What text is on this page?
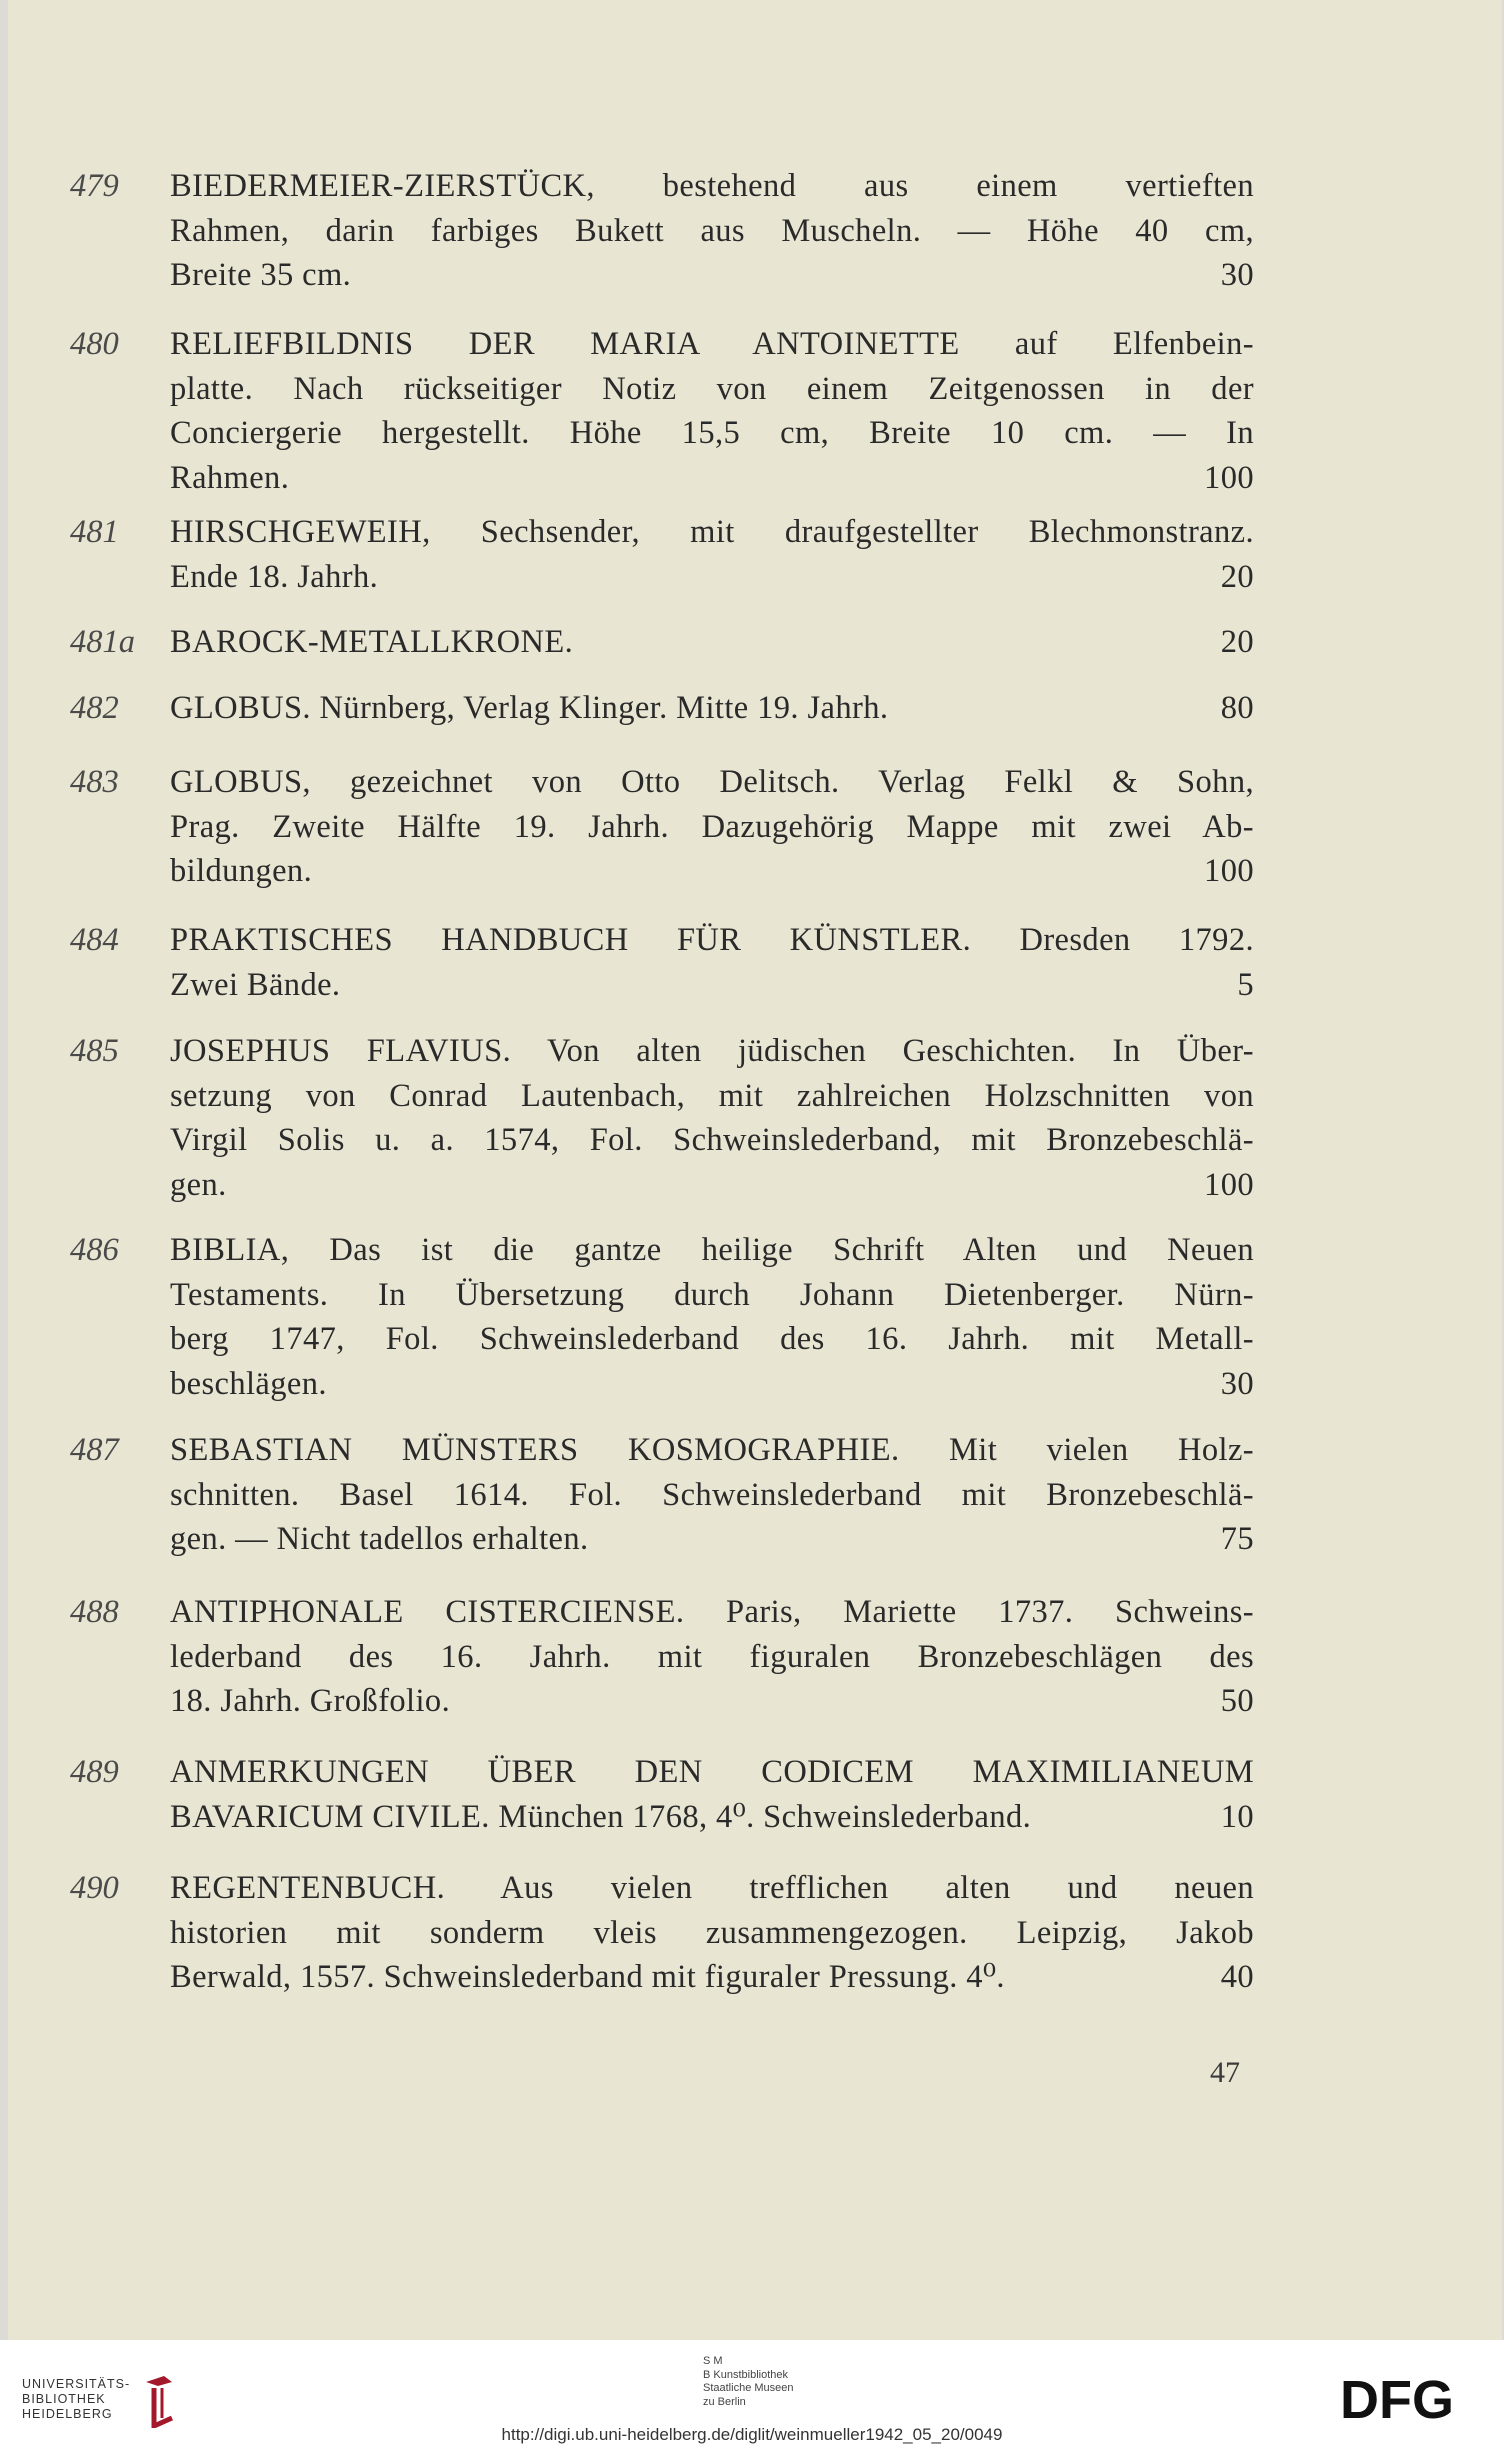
479	BIEDERMEIER-ZIERSTÜCK, bestehend aus einem vertieften
Rahmen, darin farbiges Bukett aus Muscheln. — Höhe 40 cm,
Breite 35 cm.	30
480	RELIEFBILDNIS DER MARIA ANTOINETTE auf Elfenbein-
platte. Nach rückseitiger Notiz von einem Zeitgenossen in der
Conciergerie hergestellt. Höhe 15,5 cm, Breite 10 cm. — In
Rahmen.	100
481	HIRSCHGEWEIH, Sechsender, mit draufgestellter Blechmonstranz.
Ende 18. Jahrh.	20
481a	BAROCK-METALLKRONE.	20
482	GLOBUS. Nürnberg, Verlag Klinger. Mitte 19. Jahrh.	80
483	GLOBUS, gezeichnet von Otto Delitsch. Verlag Felkl & Sohn,
Prag. Zweite Hälfte 19. Jahrh. Dazugehörig Mappe mit zwei Ab-
bildungen.	100
484	PRAKTISCHES HANDBUCH FÜR KÜNSTLER. Dresden 1792.
Zwei Bände.	5
485	JOSEPHUS FLAVIUS. Von alten jüdischen Geschichten. In Über-
setzung von Conrad Lautenbach, mit zahlreichen Holzschnitten von
Virgil Solis u. a. 1574, Fol. Schweinslederband, mit Bronzebeschlä-
gen.	100
486	BIBLIA, Das ist die gantze heilige Schrift Alten und Neuen
Testaments. In Übersetzung durch Johann Dietenberger. Nürn-
berg 1747, Fol. Schweinslederband des 16. Jahrh. mit Metall-
beschlägen.	30
487	SEBASTIAN MÜNSTERS KOSMOGRAPHIE. Mit vielen Holz-
schnitten. Basel 1614. Fol. Schweinslederband mit Bronzebeschlä-
gen. — Nicht tadellos erhalten.	75
488	ANTIPHONALE CISTERCIENSE. Paris, Mariette 1737. Schweins-
lederband des 16. Jahrh. mit figuralen Bronzebeschlägen des
18. Jahrh. Großfolio.	50
489	ANMERKUNGEN ÜBER DEN CODICEM MAXIMILIANEUM
BAVARICUM CIVILE. München 1768, 4⁰. Schweinslederband.	10
490	REGENTENBUCH. Aus vielen trefflichen alten und neuen
historien mit sonderm vleis zusammengezogen. Leipzig, Jakob
Berwald, 1557. Schweinslederband mit figuraler Pressung. 4⁰.	40
47
UNIVERSITÄTS-
BIBLIOTHEK
HEIDELBERG
S M
B Kunstbibliothek
Staatliche Museen
zu Berlin	DFG
http://digi.ub.uni-heidelberg.de/diglit/weinmueller1942_05_20/0049
